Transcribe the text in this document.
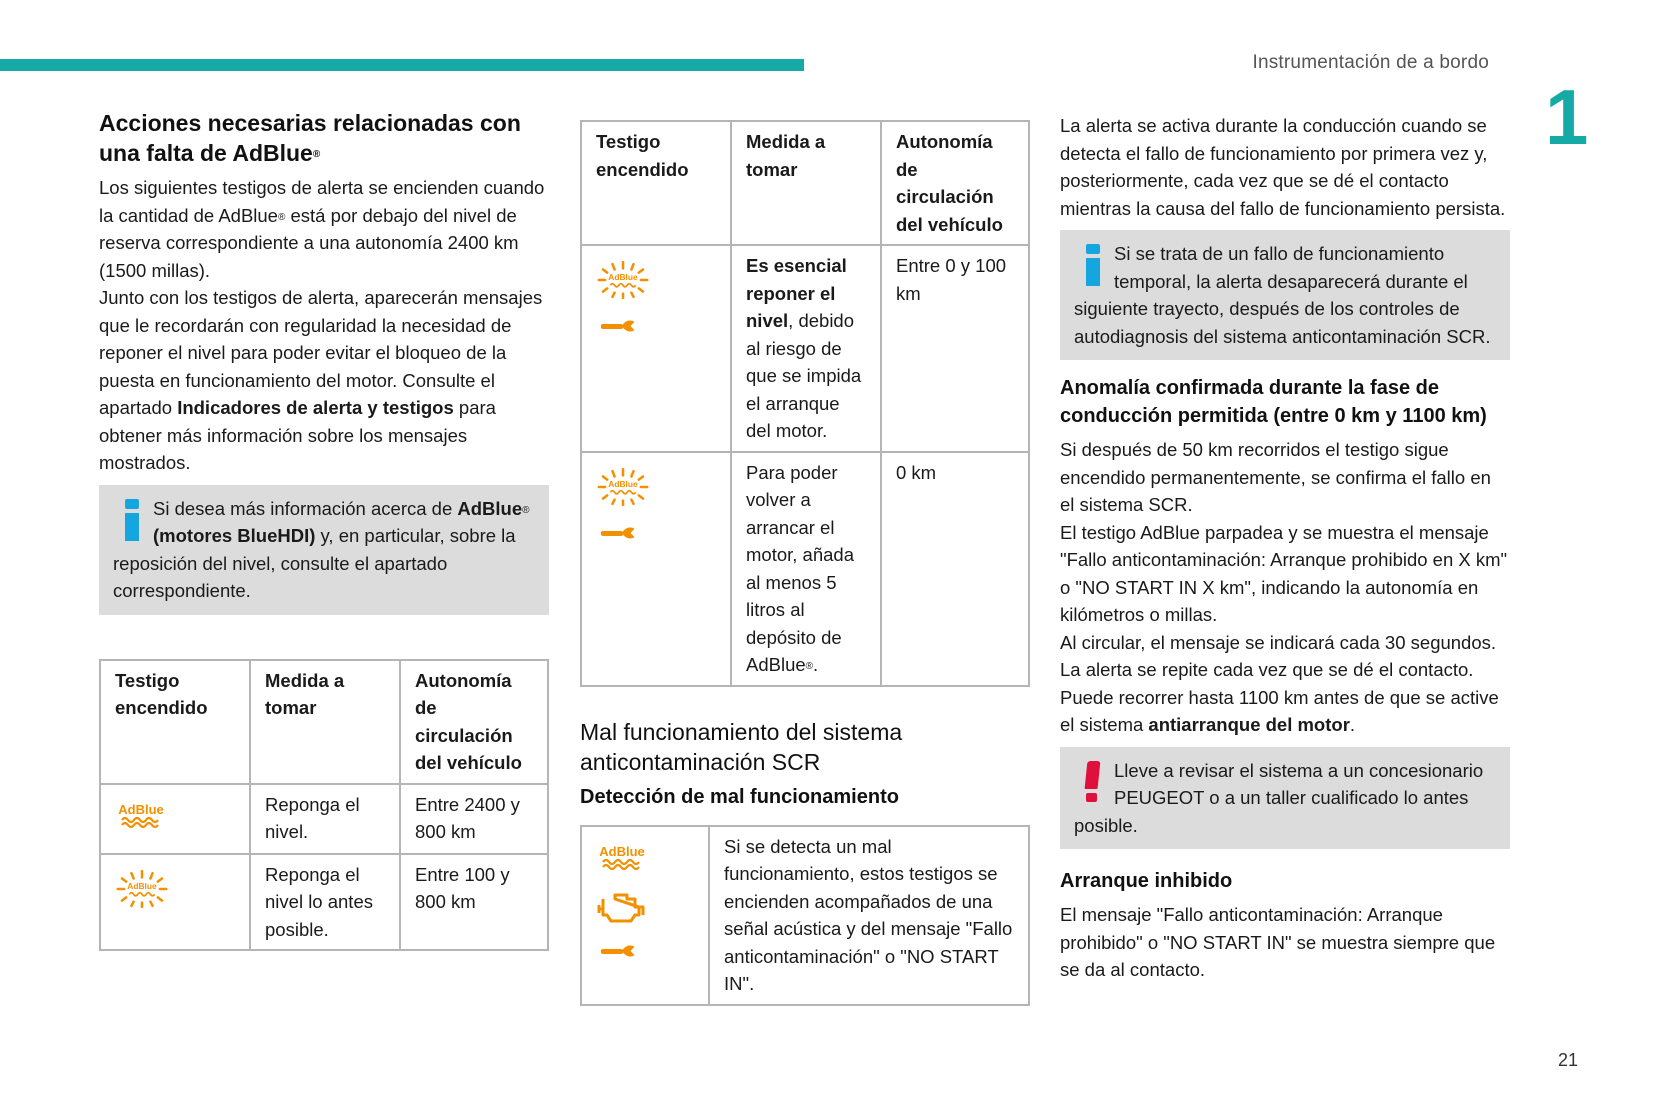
Instrumentación de a bordo
1
21
Acciones necesarias relacionadas con una falta de AdBlue®

Los siguientes testigos de alerta se encienden cuando la cantidad de AdBlue® está por debajo del nivel de reserva correspondiente a una autonomía 2400 km (1500 millas).

Junto con los testigos de alerta, aparecerán mensajes que le recordarán con regularidad la necesidad de reponer el nivel para poder evitar el bloqueo de la puesta en funcionamiento del motor. Consulte el apartado Indicadores de alerta y testigos para obtener más información sobre los mensajes mostrados.

Si desea más información acerca de AdBlue® (motores BlueHDI) y, en particular, sobre la reposición del nivel, consulte el apartado correspondiente.

Testigo encendido	Medida a tomar	Autonomía de circulación del vehículo

	Reponga el nivel.	Entre 2400 y 800 km

	Reponga el nivel lo antes posible.	Entre 100 y 800 km
Testigo encendido	Medida a tomar	Autonomía de circulación del vehículo

	Es esencial reponer el nivel, debido al riesgo de que se impida el arranque del motor.	Entre 0 y 100 km

	Para poder volver a arrancar el motor, añada al menos 5 litros al depósito de AdBlue®.	0 km
Mal funcionamiento del sistema anticontaminación SCR
Detección de mal funcionamiento
	Si se detecta un mal funcionamiento, estos testigos se encienden acompañados de una señal acústica y del mensaje "Fallo anticontaminación" o "NO START IN".

La alerta se activa durante la conducción cuando se detecta el fallo de funcionamiento por primera vez y, posteriormente, cada vez que se dé el contacto mientras la causa del fallo de funcionamiento persista.

Si se trata de un fallo de funcionamiento temporal, la alerta desaparecerá durante el siguiente trayecto, después de los controles de autodiagnosis del sistema anticontaminación SCR.

Anomalía confirmada durante la fase de conducción permitida (entre 0 km y 1100 km)

Si después de 50 km recorridos el testigo sigue encendido permanentemente, se confirma el fallo en el sistema SCR.

El testigo AdBlue parpadea y se muestra el mensaje "Fallo anticontaminación: Arranque prohibido en X km" o "NO START IN X km", indicando la autonomía en kilómetros o millas.

Al circular, el mensaje se indicará cada 30 segundos.

La alerta se repite cada vez que se dé el contacto.

Puede recorrer hasta 1100 km antes de que se active el sistema antiarranque del motor.

Lleve a revisar el sistema a un concesionario PEUGEOT o a un taller cualificado lo antes posible.

Arranque inhibido

El mensaje "Fallo anticontaminación: Arranque prohibido" o "NO START IN" se muestra siempre que se da al contacto.
